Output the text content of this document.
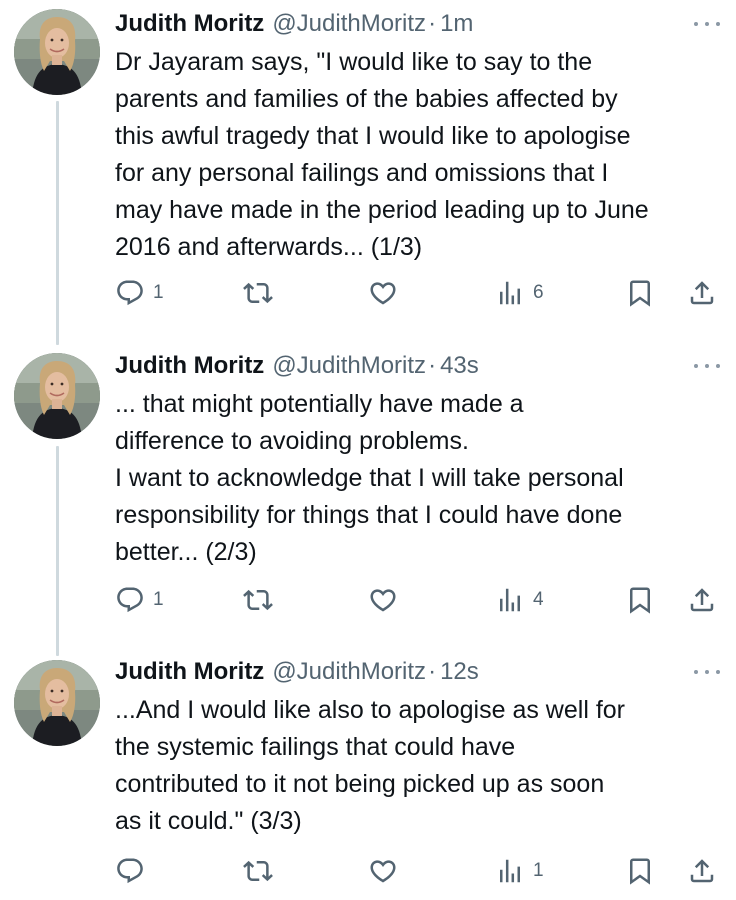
Judith Moritz @JudithMoritz · 1m
Dr Jayaram says, "I would like to say to the
parents and families of the babies affected by
this awful tragedy that I would like to apologise
for any personal failings and omissions that I
may have made in the period leading up to June
2016 and afterwards... (1/3)
1	6
Judith Moritz @JudithMoritz · 43s
... that might potentially have made a
difference to avoiding problems.
I want to acknowledge that I will take personal
responsibility for things that I could have done
better... (2/3)
1	4
Judith Moritz @JudithMoritz · 12s
...And I would like also to apologise as well for
the systemic failings that could have
contributed to it not being picked up as soon
as it could." (3/3)
1
